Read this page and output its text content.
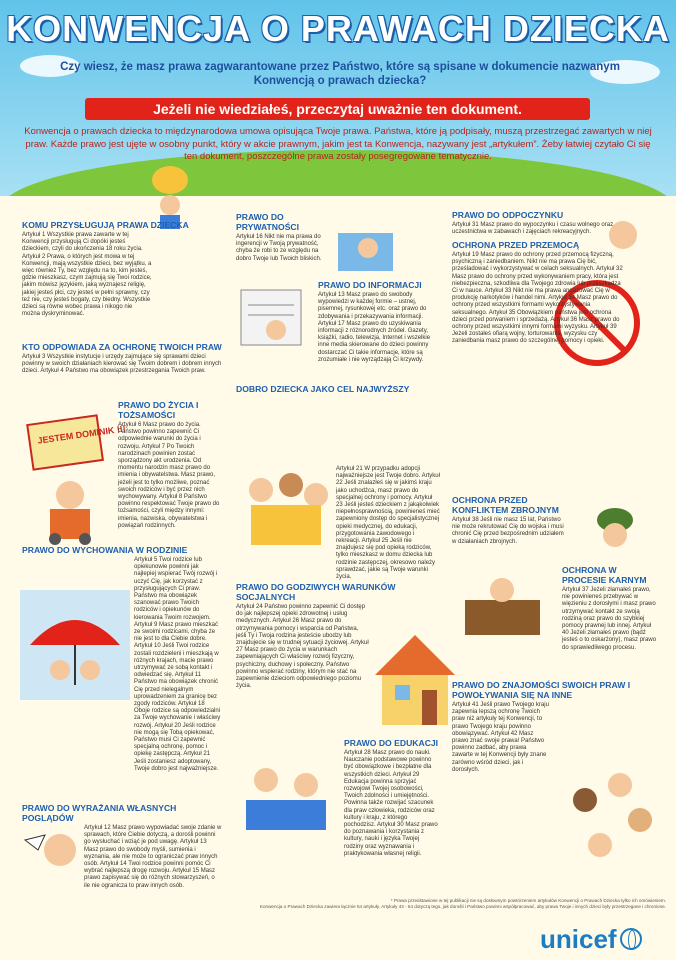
KONWENCJA O PRAWACH DZIECKA
Czy wiesz, że masz prawa zagwarantowane przez Państwo, które są spisane w dokumencie nazwanym Konwencją o prawach dziecka?
Jeżeli nie wiedziałeś, przeczytaj uważnie ten dokument.
Konwencja o prawach dziecka to międzynarodowa umowa opisująca Twoje prawa. Państwa, które ją podpisały, muszą przestrzegać zawartych w niej praw. Każde prawo jest ujęte w osobny punkt, który w akcie prawnym, jakim jest ta Konwencja, nazywany jest „artykułem”. Żeby łatwiej czytało Ci się ten dokument, poszczególne prawa zostały posegregowane tematycznie.
JESTEM DOMINIK !!!
KOMU PRZYSŁUGUJĄ PRAWA DZIECKA
Artykuł 1 Wszystkie prawa zawarte w tej Konwencji przysługują Ci dopóki jesteś dzieckiem, czyli do ukończenia 18 roku życia. Artykuł 2 Prawa, o których jest mowa w tej Konwencji, mają wszystkie dzieci, bez wyjątku, a więc również Ty, bez względu na to, kim jesteś, gdzie mieszkasz, czym zajmują się Twoi rodzice, jakim mówisz językiem, jaką wyznajesz religię, jakiej jesteś płci, czy jesteś w pełni sprawny, czy też nie, czy jesteś bogaty, czy biedny. Wszystkie dzieci są równe wobec prawa i nikogo nie można dyskryminować.
KTO ODPOWIADA ZA OCHRONĘ TWOICH PRAW
Artykuł 3 Wszystkie instytucje i urzędy zajmujące się sprawami dzieci powinny w swoich działaniach kierować się Twoim dobrem i dobrem innych dzieci. Artykuł 4 Państwo ma obowiązek przestrzegania Twoich praw.
PRAWO DO ŻYCIA I TOŻSAMOŚCI
Artykuł 6 Masz prawo do życia. Państwo powinno zapewnić Ci odpowiednie warunki do życia i rozwoju. Artykuł 7 Po Twoich narodzinach powinien zostać sporządzony akt urodzenia. Od momentu narodzin masz prawo do imienia i obywatelstwa. Masz prawo, jeżeli jest to tylko możliwe, poznać swoich rodziców i być przez nich wychowywany. Artykuł 8 Państwo powinno respektować Twoje prawo do tożsamości, czyli między innymi: imienia, nazwiska, obywatelstwa i powiązań rodzinnych.
PRAWO DO WYCHOWANIA W RODZINIE
Artykuł 5 Twoi rodzice lub opiekunowie powinni jak najlepiej wspierać Twój rozwój i uczyć Cię, jak korzystać z przysługujących Ci praw. Państwo ma obowiązek szanować prawo Twoich rodziców i opiekunów do kierowania Twoim rozwojem. Artykuł 9 Masz prawo mieszkać ze swoimi rodzicami, chyba że nie jest to dla Ciebie dobre. Artykuł 10 Jeśli Twoi rodzice zostali rozdzieleni i mieszkają w różnych krajach, macie prawo utrzymywać ze sobą kontakt i odwiedzać się. Artykuł 11 Państwo ma obowiązek chronić Cię przed nielegalnym uprowadzeniem za granicę bez zgody rodziców. Artykuł 18 Oboje rodzice są odpowiedzialni za Twoje wychowanie i właściwy rozwój. Artykuł 20 Jeśli rodzice nie mogą się Tobą opiekować, Państwo musi Ci zapewnić specjalną ochronę, pomoc i opiekę zastępczą. Artykuł 21 Jeśli zostaniesz adoptowany, Twoje dobro jest najważniejsze.
PRAWO DO WYRAŻANIA WŁASNYCH POGLĄDÓW
Artykuł 12 Masz prawo wypowiadać swoje zdanie w sprawach, które Ciebie dotyczą, a dorośli powinni go wysłuchać i wziąć je pod uwagę. Artykuł 13 Masz prawo do swobody myśli, sumienia i wyznania, ale nie może to ograniczać praw innych osób. Artykuł 14 Twoi rodzice powinni pomóc Ci wybrać najlepszą drogę rozwoju. Artykuł 15 Masz prawo zapisywać się do różnych stowarzyszeń, o ile nie ogranicza to praw innych osób.
PRAWO DO PRYWATNOŚCI
Artykuł 16 Nikt nie ma prawa do ingerencji w Twoją prywatność, chyba że robi to ze względu na dobro Twoje lub Twoich bliskich.
PRAWO DO INFORMACJI
Artykuł 13 Masz prawo do swobody wypowiedzi w każdej formie – ustnej, pisemnej, rysunkowej etc. oraz prawo do zdobywania i przekazywania informacji. Artykuł 17 Masz prawo do uzyskiwania informacji z różnorodnych źródeł. Gazety, książki, radio, telewizja, Internet i wszelkie inne media skierowane do dzieci powinny dostarczać Ci takie informacje, które są zrozumiałe i nie wyrządzają Ci krzywdy.
DOBRO DZIECKA JAKO CEL NAJWYŻSZY
Artykuł 21 W przypadku adopcji najważniejsze jest Twoje dobro. Artykuł 22 Jeśli znalazłeś się w jakimś kraju jako uchodźca, masz prawo do specjalnej ochrony i pomocy. Artykuł 23 Jeśli jesteś dzieckiem z jakąkolwiek niepełnosprawnością, powinieneś mieć zapewniony dostęp do specjalistycznej opieki medycznej, do edukacji, przygotowania zawodowego i rekreacji. Artykuł 25 Jeśli nie znajdujesz się pod opieką rodziców, tylko mieszkasz w domu dziecka lub rodzinie zastępczej, okresowo należy sprawdzać, jakie są Twoje warunki życia.
PRAWO DO GODZIWYCH WARUNKÓW SOCJALNYCH
Artykuł 24 Państwo powinno zapewnić Ci dostęp do jak najlepszej opieki zdrowotnej i usług medycznych. Artykuł 26 Masz prawo do otrzymywania pomocy i wsparcia od Państwa, jeśli Ty i Twoja rodzina jesteście ubodzy lub znajdujecie się w trudnej sytuacji życiowej. Artykuł 27 Masz prawo do życia w warunkach zapewniających Ci właściwy rozwój fizyczny, psychiczny, duchowy i społeczny. Państwo powinno wspierać rodziny, którym nie stać na zapewnienie dzieciom odpowiedniego poziomu życia.
PRAWO DO EDUKACJI
Artykuł 28 Masz prawo do nauki. Nauczanie podstawowe powinno być obowiązkowe i bezpłatne dla wszystkich dzieci. Artykuł 29 Edukacja powinna sprzyjać rozwojowi Twojej osobowości, Twoich zdolności i umiejętności. Powinna także rozwijać szacunek dla praw człowieka, rodziców oraz kultury i kraju, z którego pochodzisz. Artykuł 30 Masz prawo do poznawania i korzystania z kultury, nauki i języka Twojej rodziny oraz wyznawania i praktykowania własnej religii.
PRAWO DO ODPOCZYNKU
Artykuł 31 Masz prawo do wypoczynku i czasu wolnego oraz uczestnictwa w zabawach i zajęciach rekreacyjnych.
OCHRONA PRZED PRZEMOCĄ
Artykuł 19 Masz prawo do ochrony przed przemocą fizyczną, psychiczną i zaniedbaniem. Nikt nie ma prawa Cię bić, prześladować i wykorzystywać w celach seksualnych. Artykuł 32 Masz prawo do ochrony przed wykonywaniem pracy, która jest niebezpieczna, szkodliwa dla Twojego zdrowia lub przeszkadza Ci w nauce. Artykuł 33 Nikt nie ma prawa angażować Cię w produkcję narkotyków i handel nimi. Artykuł 34 Masz prawo do ochrony przed wszystkimi formami wykorzystywania seksualnego. Artykuł 35 Obowiązkiem państwa jest ochrona dzieci przed porwaniem i sprzedażą. Artykuł 36 Masz prawo do ochrony przed wszystkimi innymi formami wyzysku. Artykuł 39 Jeżeli zostałeś ofiarą wojny, torturowania, wyzysku czy zaniedbania masz prawo do szczególnej pomocy i opieki.
OCHRONA PRZED KONFLIKTEM ZBROJNYM
Artykuł 38 Jeśli nie masz 15 lat, Państwo nie może rekrutować Cię do wojska i musi chronić Cię przed bezpośrednim udziałem w działaniach zbrojnych.
OCHRONA W PROCESIE KARNYM
Artykuł 37 Jeżeli złamałeś prawo, nie powinieneś przebywać w więzieniu z dorosłymi i masz prawo utrzymywać kontakt ze swoją rodziną oraz prawo do szybkiej pomocy prawnej lub innej. Artykuł 40 Jeżeli złamałeś prawo (bądź jesteś o to oskarżony), masz prawo do sprawiedliwego procesu.
PRAWO DO ZNAJOMOŚCI SWOICH PRAW I POWOŁYWANIA SIĘ NA INNE
Artykuł 41 Jeśli prawo Twojego kraju zapewnia lepszą ochronę Twoich praw niż artykuły tej Konwencji, to prawo Twojego kraju powinno obowiązywać. Artykuł 42 Masz prawo znać swoje prawa! Państwo powinno zadbać, aby prawa zawarte w tej Konwencji były znane zarówno wśród dzieci, jak i dorosłych.
* Prawa przedstawione w tej publikacji nie są dosłownym powtórzeniem artykułów Konwencji o Prawach Dziecka tylko ich omówieniem.
Konwencja o Prawach Dziecka zawiera łącznie 54 artykuły. Artykuły 43 - 54 dotyczą tego, jak dorośli i Państwo powinni współpracować, aby prawa Twoje i innych dzieci były przestrzegane i chronione.
unicef
